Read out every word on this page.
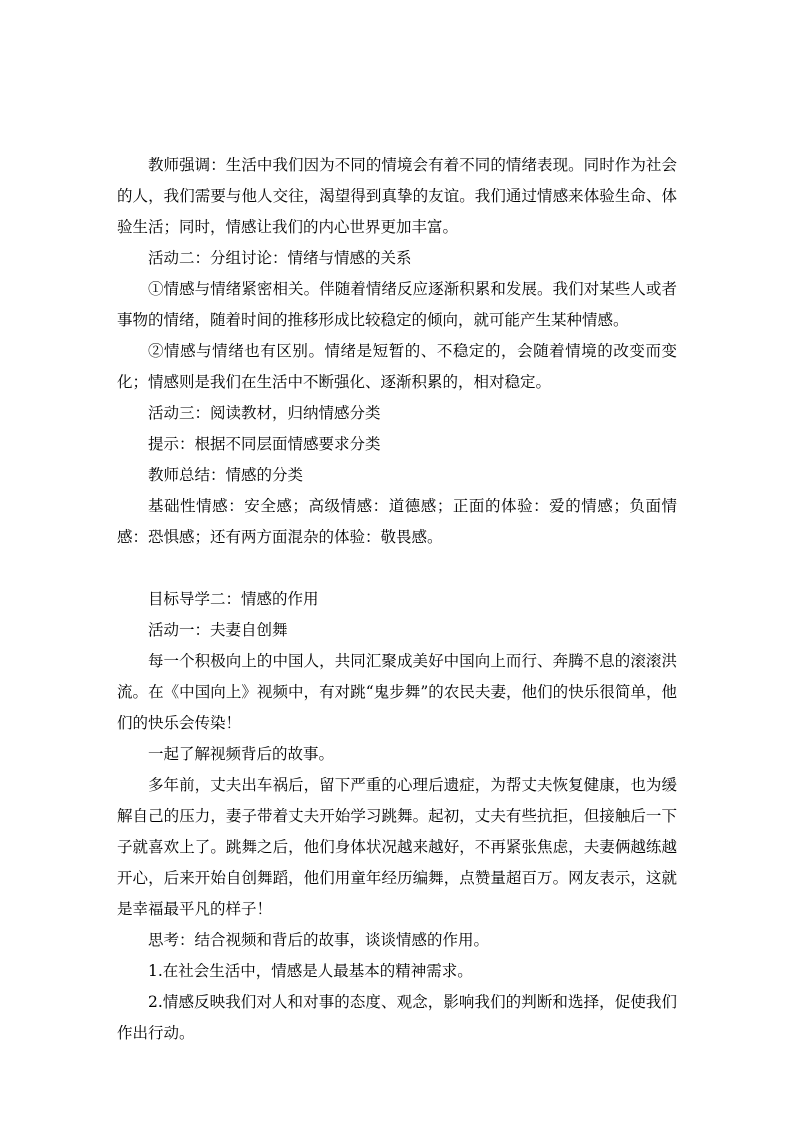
教师强调：生活中我们因为不同的情境会有着不同的情绪表现。同时作为社会的人，我们需要与他人交往，渴望得到真挚的友谊。我们通过情感来体验生命、体验生活；同时，情感让我们的内心世界更加丰富。

活动二：分组讨论：情绪与情感的关系

①情感与情绪紧密相关。伴随着情绪反应逐渐积累和发展。我们对某些人或者事物的情绪，随着时间的推移形成比较稳定的倾向，就可能产生某种情感。

②情感与情绪也有区别。情绪是短暂的、不稳定的，会随着情境的改变而变化；情感则是我们在生活中不断强化、逐渐积累的，相对稳定。

活动三：阅读教材，归纳情感分类

提示：根据不同层面情感要求分类

教师总结：情感的分类

基础性情感：安全感；高级情感：道德感；正面的体验：爱的情感；负面情感：恐惧感；还有两方面混杂的体验：敬畏感。

目标导学二：情感的作用

活动一：夫妻自创舞

每一个积极向上的中国人，共同汇聚成美好中国向上而行、奔腾不息的滚滚洪流。在《中国向上》视频中，有对跳“鬼步舞”的农民夫妻，他们的快乐很简单，他们的快乐会传染！

一起了解视频背后的故事。

多年前，丈夫出车祸后，留下严重的心理后遗症，为帮丈夫恢复健康，也为缓解自己的压力，妻子带着丈夫开始学习跳舞。起初，丈夫有些抗拒，但接触后一下子就喜欢上了。跳舞之后，他们身体状况越来越好，不再紧张焦虑，夫妻俩越练越开心，后来开始自创舞蹈，他们用童年经历编舞，点赞量超百万。网友表示，这就是幸福最平凡的样子！

思考：结合视频和背后的故事，谈谈情感的作用。

1.在社会生活中，情感是人最基本的精神需求。

2.情感反映我们对人和对事的态度、观念，影响我们的判断和选择，促使我们作出行动。
